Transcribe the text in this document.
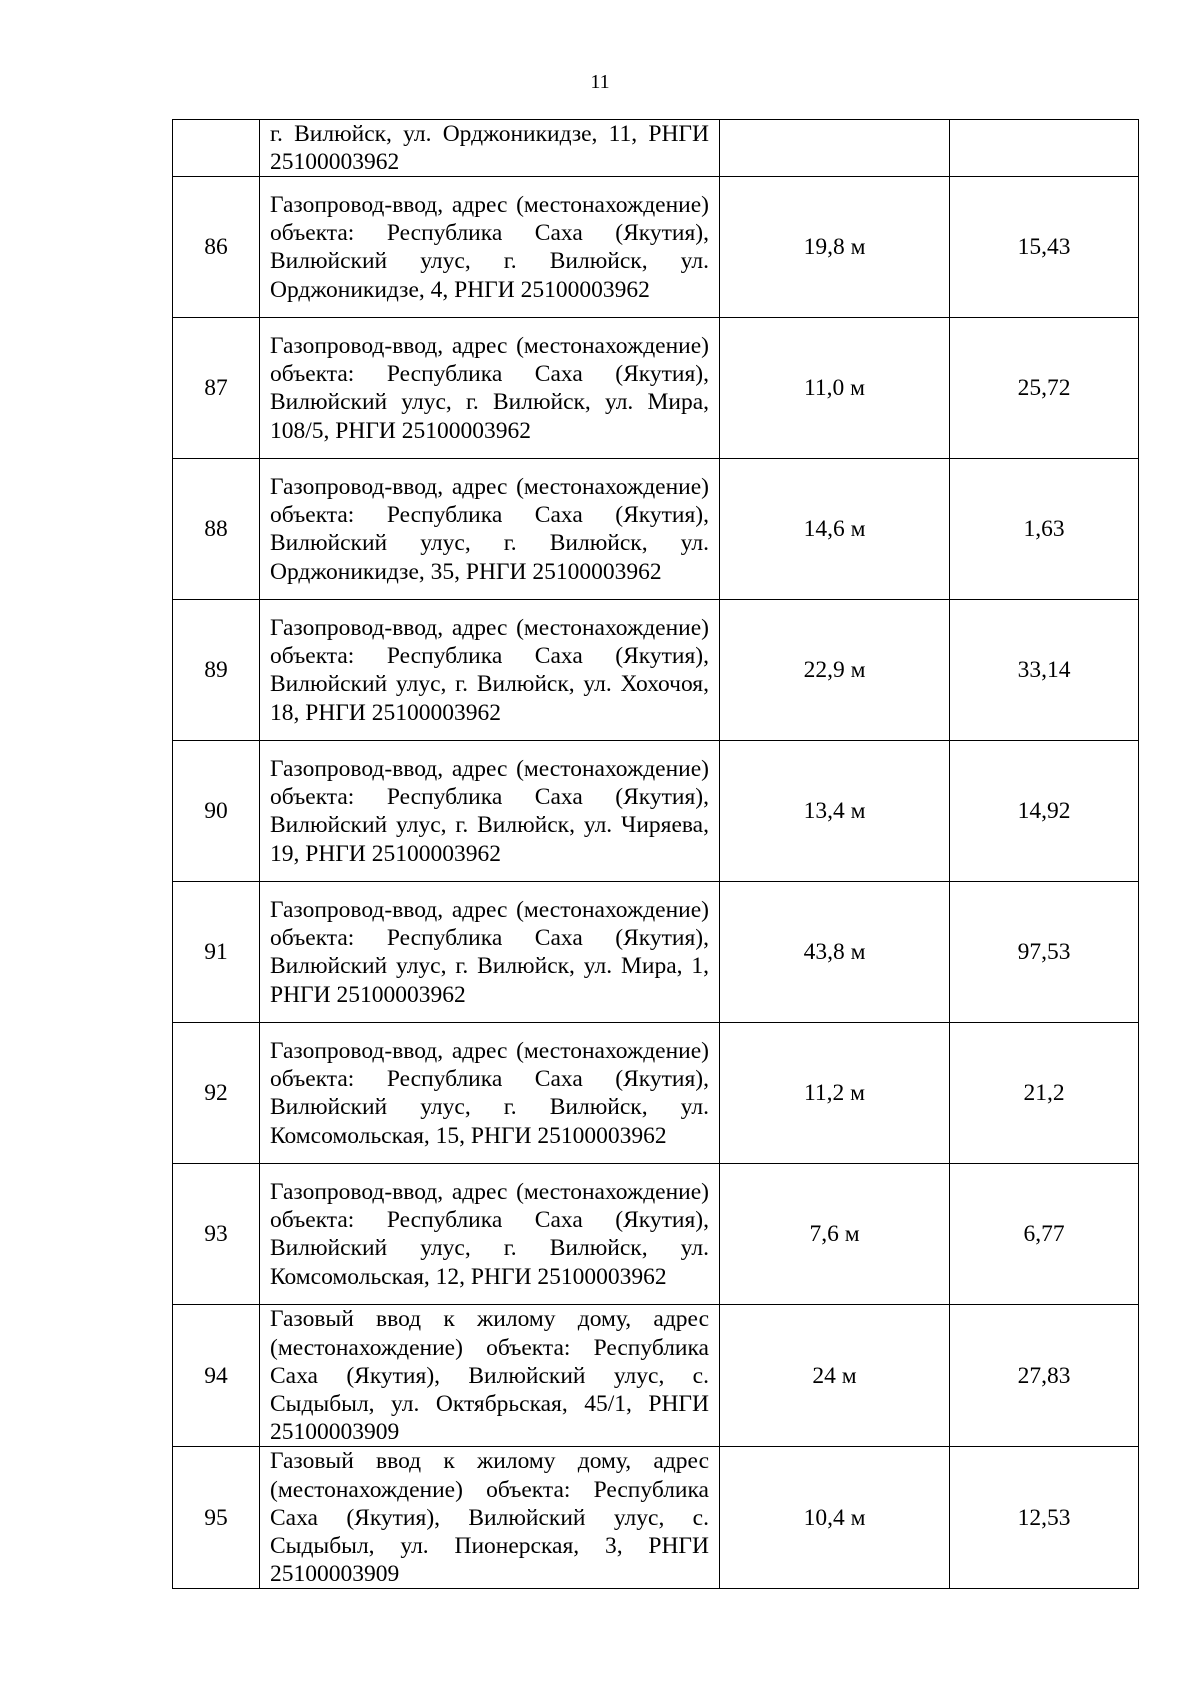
11
	г. Вилюйск, ул. Орджоникидзе, 11, РНГИ 25100003962		
86	Газопровод-ввод, адрес (местонахождение) объекта: Республика Саха (Якутия), Вилюйский улус, г. Вилюйск, ул. Орджоникидзе, 4, РНГИ 25100003962	19,8 м	15,43
87	Газопровод-ввод, адрес (местонахождение) объекта: Республика Саха (Якутия), Вилюйский улус, г. Вилюйск, ул. Мира, 108/5, РНГИ 25100003962	11,0 м	25,72
88	Газопровод-ввод, адрес (местонахождение) объекта: Республика Саха (Якутия), Вилюйский улус, г. Вилюйск, ул. Орджоникидзе, 35, РНГИ 25100003962	14,6 м	1,63
89	Газопровод-ввод, адрес (местонахождение) объекта: Республика Саха (Якутия), Вилюйский улус, г. Вилюйск, ул. Хохочоя, 18, РНГИ 25100003962	22,9 м	33,14
90	Газопровод-ввод, адрес (местонахождение) объекта: Республика Саха (Якутия), Вилюйский улус, г. Вилюйск, ул. Чиряева, 19, РНГИ 25100003962	13,4 м	14,92
91	Газопровод-ввод, адрес (местонахождение) объекта: Республика Саха (Якутия), Вилюйский улус, г. Вилюйск, ул. Мира, 1, РНГИ 25100003962	43,8 м	97,53
92	Газопровод-ввод, адрес (местонахождение) объекта: Республика Саха (Якутия), Вилюйский улус, г. Вилюйск, ул. Комсомольская, 15, РНГИ 25100003962	11,2 м	21,2
93	Газопровод-ввод, адрес (местонахождение) объекта: Республика Саха (Якутия), Вилюйский улус, г. Вилюйск, ул. Комсомольская, 12, РНГИ 25100003962	7,6 м	6,77
94	Газовый ввод к жилому дому, адрес (местонахождение) объекта: Республика Саха (Якутия), Вилюйский улус, с. Сыдыбыл, ул. Октябрьская, 45/1, РНГИ 25100003909	24 м	27,83
95	Газовый ввод к жилому дому, адрес (местонахождение) объекта: Республика Саха (Якутия), Вилюйский улус, с. Сыдыбыл, ул. Пионерская, 3, РНГИ 25100003909	10,4 м	12,53
